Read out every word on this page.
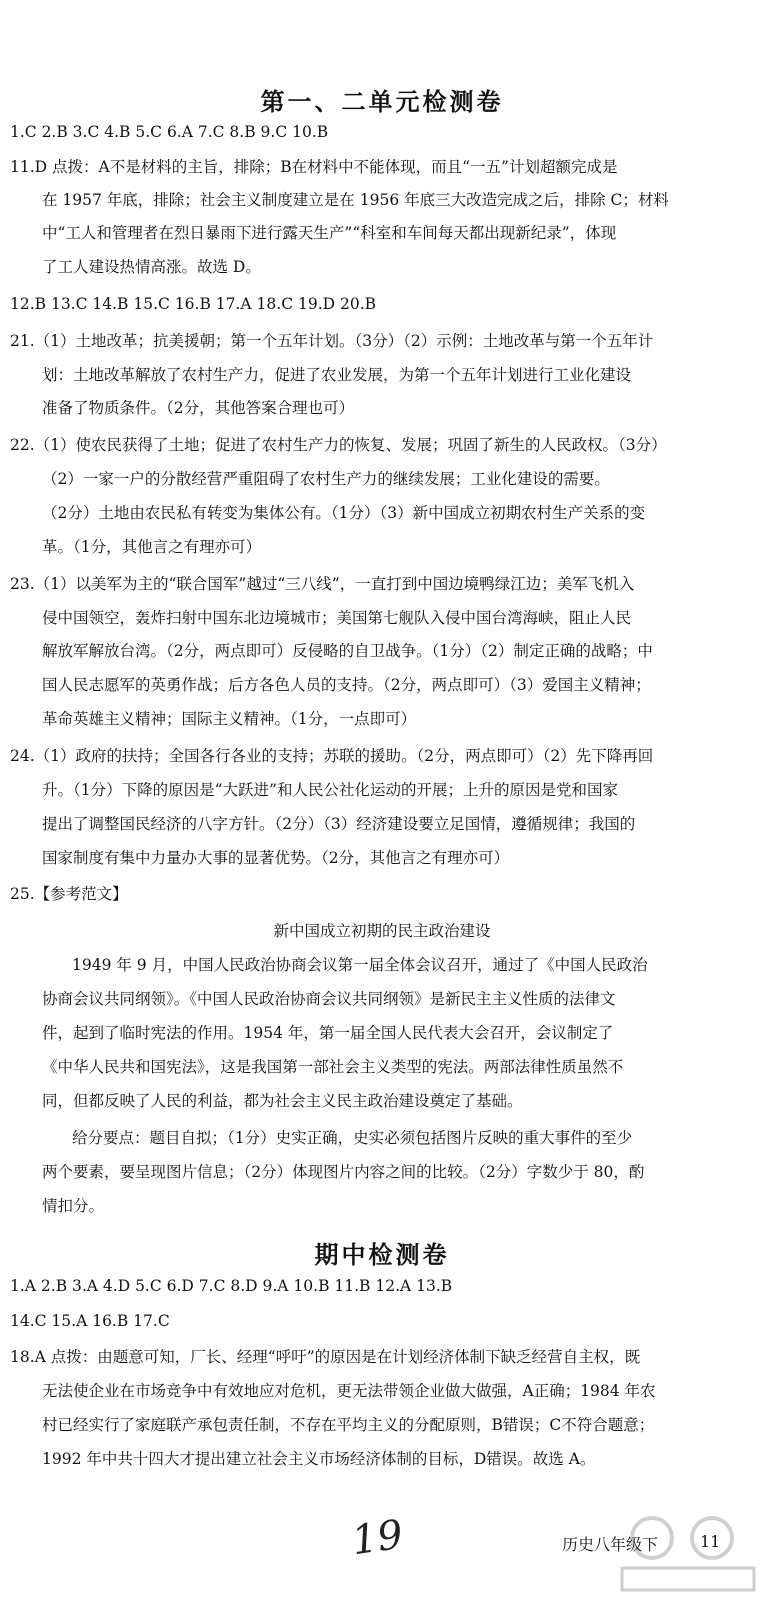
第一、二单元检测卷
1.C 2.B 3.C 4.B 5.C 6.A 7.C 8.B 9.C 10.B
11.D 点拨：A不是材料的主旨，排除；B在材料中不能体现，而且“一五”计划超额完成是
在 1957 年底，排除；社会主义制度建立是在 1956 年底三大改造完成之后，排除 C；材料
中“工人和管理者在烈日暴雨下进行露天生产”“科室和车间每天都出现新纪录”，体现
了工人建设热情高涨。故选 D。
12.B 13.C 14.B 15.C 16.B 17.A 18.C 19.D 20.B
21.（1）土地改革；抗美援朝；第一个五年计划。（3分）（2）示例：土地改革与第一个五年计
划：土地改革解放了农村生产力，促进了农业发展，为第一个五年计划进行工业化建设
准备了物质条件。（2分，其他答案合理也可）
22.（1）使农民获得了土地；促进了农村生产力的恢复、发展；巩固了新生的人民政权。（3分）
（2）一家一户的分散经营严重阻碍了农村生产力的继续发展；工业化建设的需要。
（2分）土地由农民私有转变为集体公有。（1分）（3）新中国成立初期农村生产关系的变
革。（1分，其他言之有理亦可）
23.（1）以美军为主的“联合国军”越过“三八线”，一直打到中国边境鸭绿江边；美军飞机入
侵中国领空，轰炸扫射中国东北边境城市；美国第七舰队入侵中国台湾海峡，阻止人民
解放军解放台湾。（2分，两点即可）反侵略的自卫战争。（1分）（2）制定正确的战略；中
国人民志愿军的英勇作战；后方各色人员的支持。（2分，两点即可）（3）爱国主义精神；
革命英雄主义精神；国际主义精神。（1分，一点即可）
24.（1）政府的扶持；全国各行各业的支持；苏联的援助。（2分，两点即可）（2）先下降再回
升。（1分）下降的原因是“大跃进”和人民公社化运动的开展；上升的原因是党和国家
提出了调整国民经济的八字方针。（2分）（3）经济建设要立足国情，遵循规律；我国的
国家制度有集中力量办大事的显著优势。（2分，其他言之有理亦可）
25.【参考范文】
新中国成立初期的民主政治建设
1949 年 9 月，中国人民政治协商会议第一届全体会议召开，通过了《中国人民政治
协商会议共同纲领》。《中国人民政治协商会议共同纲领》是新民主主义性质的法律文
件，起到了临时宪法的作用。1954 年，第一届全国人民代表大会召开，会议制定了
《中华人民共和国宪法》，这是我国第一部社会主义类型的宪法。两部法律性质虽然不
同，但都反映了人民的利益，都为社会主义民主政治建设奠定了基础。
给分要点：题目自拟；（1分）史实正确，史实必须包括图片反映的重大事件的至少
两个要素，要呈现图片信息；（2分）体现图片内容之间的比较。（2分）字数少于 80，酌
情扣分。
期中检测卷
1.A 2.B 3.A 4.D 5.C 6.D 7.C 8.D 9.A 10.B 11.B 12.A 13.B
14.C 15.A 16.B 17.C
18.A 点拨：由题意可知，厂长、经理“呼吁”的原因是在计划经济体制下缺乏经营自主权，既
无法使企业在市场竞争中有效地应对危机，更无法带领企业做大做强，A正确；1984 年农
村已经实行了家庭联产承包责任制，不存在平均主义的分配原则，B错误；C不符合题意；
1992 年中共十四大才提出建立社会主义市场经济体制的目标，D错误。故选 A。
19	历史八年级下	11
